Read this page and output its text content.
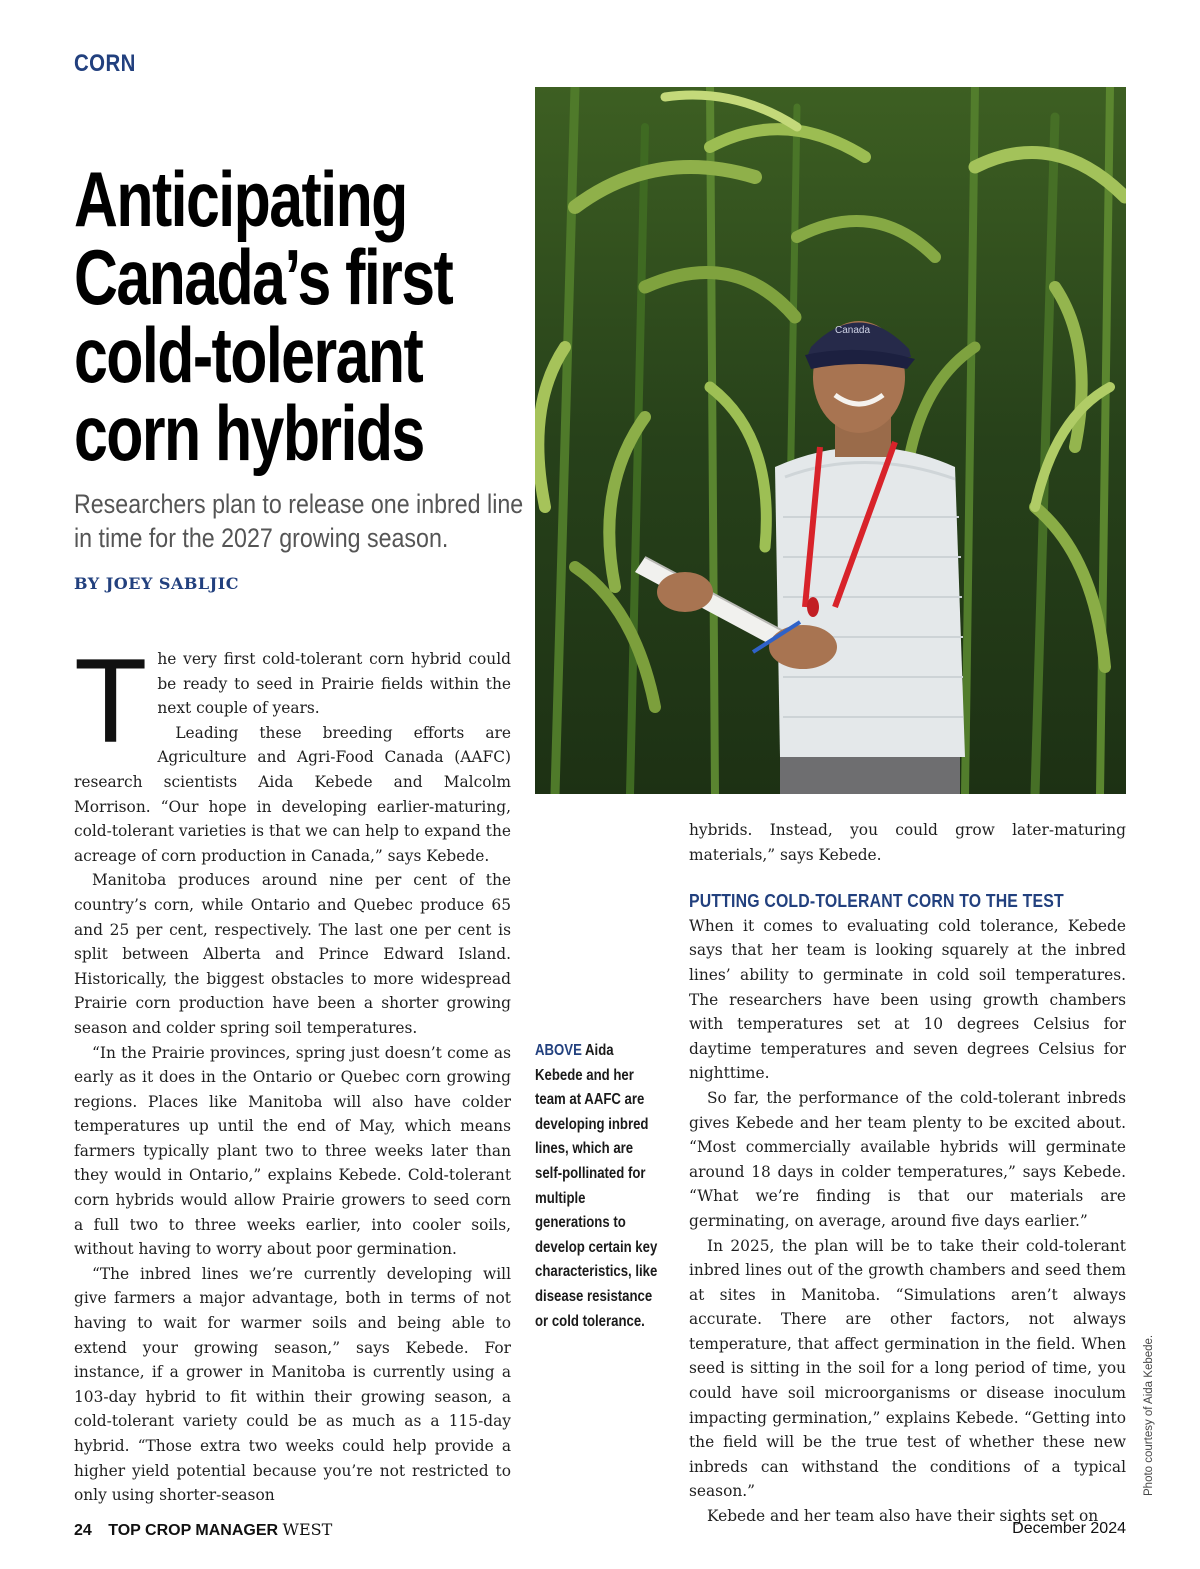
CORN
Anticipating
Canada’s first
cold-tolerant
corn hybrids
Researchers plan to release one inbred line
in time for the 2027 growing season.
BY JOEY SABLJIC
Canada

The very first cold-tolerant corn hybrid could be ready to seed in Prairie fields within the next couple of years.

Leading these breeding efforts are Agriculture and Agri-Food Canada (AAFC) research scientists Aida Kebede and Malcolm Morrison. “Our hope in developing earlier-maturing, cold-tolerant varieties is that we can help to expand the acreage of corn production in Canada,” says Kebede.

Manitoba produces around nine per cent of the country’s corn, while Ontario and Quebec produce 65 and 25 per cent, respectively. The last one per cent is split between Alberta and Prince Edward Island. Historically, the biggest obstacles to more widespread Prairie corn production have been a shorter growing season and colder spring soil temperatures.

“In the Prairie provinces, spring just doesn’t come as early as it does in the Ontario or Quebec corn growing regions. Places like Manitoba will also have colder temperatures up until the end of May, which means farmers typically plant two to three weeks later than they would in Ontario,” explains Kebede. Cold-tolerant corn hybrids would allow Prairie growers to seed corn a full two to three weeks earlier, into cooler soils, without having to worry about poor germination.

“The inbred lines we’re currently developing will give farmers a major advantage, both in terms of not having to wait for warmer soils and being able to extend your growing season,” says Kebede. For instance, if a grower in Manitoba is currently using a 103-day hybrid to fit within their growing season, a cold-tolerant variety could be as much as a 115-day hybrid. “Those extra two weeks could help provide a higher yield potential because you’re not restricted to only using shorter-season

ABOVE Aida Kebede and her team at AAFC are developing inbred lines, which are self-pollinated for multiple generations to develop certain key characteristics, like disease resistance or cold tolerance.

hybrids. Instead, you could grow later-maturing materials,” says Kebede.

PUTTING COLD-TOLERANT CORN TO THE TEST

When it comes to evaluating cold tolerance, Kebede says that her team is looking squarely at the inbred lines’ ability to germinate in cold soil temperatures. The researchers have been using growth chambers with temperatures set at 10 degrees Celsius for daytime temperatures and seven degrees Celsius for nighttime.

So far, the performance of the cold-tolerant inbreds gives Kebede and her team plenty to be excited about. “Most commercially available hybrids will germinate around 18 days in colder temperatures,” says Kebede. “What we’re finding is that our materials are germinating, on average, around five days earlier.”

In 2025, the plan will be to take their cold-tolerant inbred lines out of the growth chambers and seed them at sites in Manitoba. “Simulations aren’t always accurate. There are other factors, not always temperature, that affect germination in the field. When seed is sitting in the soil for a long period of time, you could have soil microorganisms or disease inoculum impacting germination,” explains Kebede. “Getting into the field will be the true test of whether these new inbreds can withstand the conditions of a typical season.”

Kebede and her team also have their sights set on

Photo courtesy of Aida Kebede.
24 TOP CROP MANAGER WEST	December 2024
